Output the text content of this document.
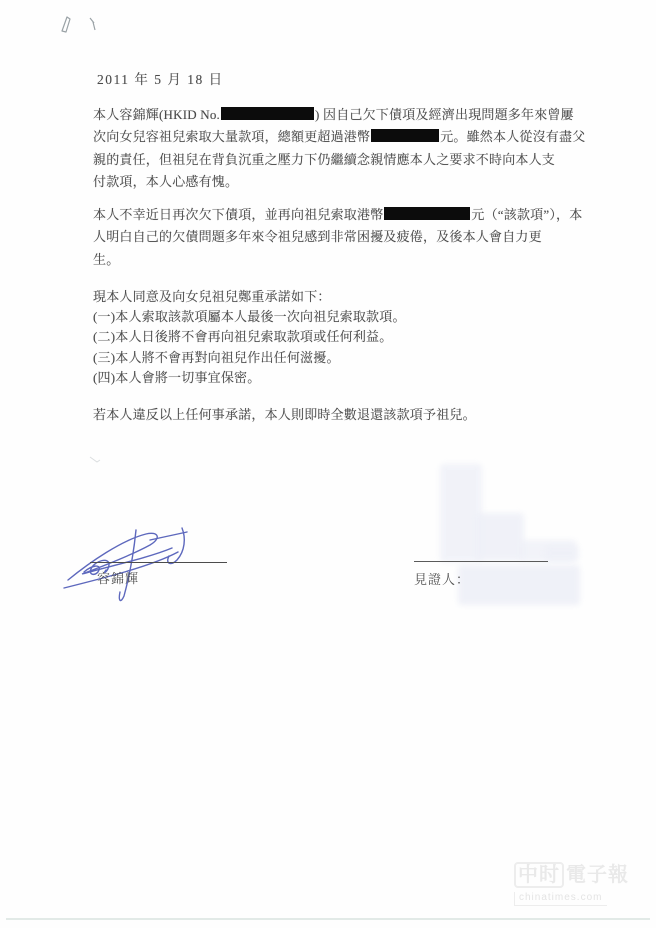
2011 年 5 月 18 日
本人容錦輝(HKID No.	) 因自己欠下債項及經濟出現問題多年來曾屢
次向女兒容祖兒索取大量款項，總額更超過港幣	元。雖然本人從沒有盡父
親的責任，但祖兒在背負沉重之壓力下仍繼續念親情應本人之要求不時向本人支
付款項，本人心感有愧。
本人不幸近日再次欠下債項，並再向祖兒索取港幣	元（“該款項”），本
人明白自己的欠債問題多年來令祖兒感到非常困擾及疲倦，及後本人會自力更
生。
現本人同意及向女兒祖兒鄭重承諾如下：
(一)本人索取該款項屬本人最後一次向祖兒索取款項。
(二)本人日後將不會再向祖兒索取款項或任何利益。
(三)本人將不會再對向祖兒作出任何滋擾。
(四)本人會將一切事宜保密。
若本人違反以上任何事承諾，本人則即時全數退還該款項予祖兒。
容錦輝	見證人：
中时 電子報
chinatimes.com
